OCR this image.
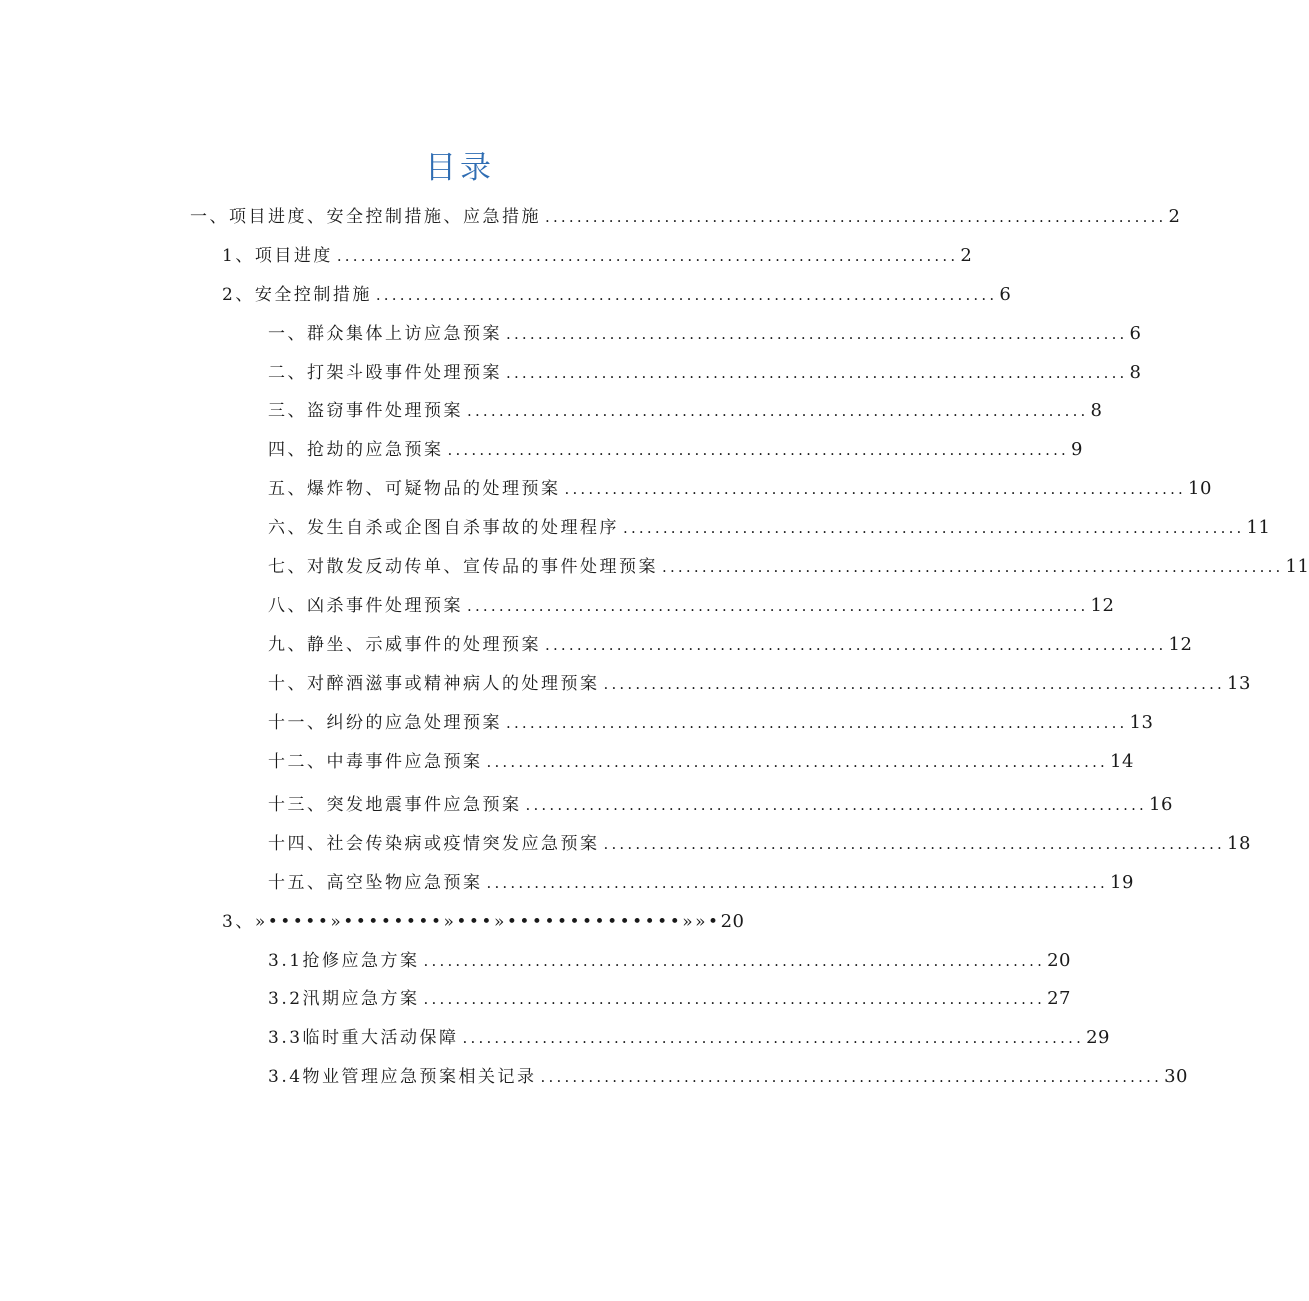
目录
一、项目进度、安全控制措施、应急措施 .............................................................................. 2
1、项目进度 .............................................................................. 2
2、安全控制措施 .............................................................................. 6
一、群众集体上访应急预案 .............................................................................. 6
二、打架斗殴事件处理预案 .............................................................................. 8
三、盗窃事件处理预案 .............................................................................. 8
四、抢劫的应急预案 .............................................................................. 9
五、爆炸物、可疑物品的处理预案 .............................................................................. 10
六、发生自杀或企图自杀事故的处理程序 .............................................................................. 11
七、对散发反动传单、宣传品的事件处理预案 .............................................................................. 11
八、凶杀事件处理预案 .............................................................................. 12
九、静坐、示威事件的处理预案 .............................................................................. 12
十、对醉酒滋事或精神病人的处理预案 .............................................................................. 13
十一、纠纷的应急处理预案 .............................................................................. 13
十二、中毒事件应急预案 .............................................................................. 14
十三、突发地震事件应急预案 .............................................................................. 16
十四、社会传染病或疫情突发应急预案 .............................................................................. 18
十五、高空坠物应急预案 .............................................................................. 19
3、»•••••»••••••••»•••»••••••••••••••»»• 20
3.1抢修应急方案 .............................................................................. 20
3.2汛期应急方案 .............................................................................. 27
3.3临时重大活动保障 .............................................................................. 29
3.4物业管理应急预案相关记录 .............................................................................. 30
